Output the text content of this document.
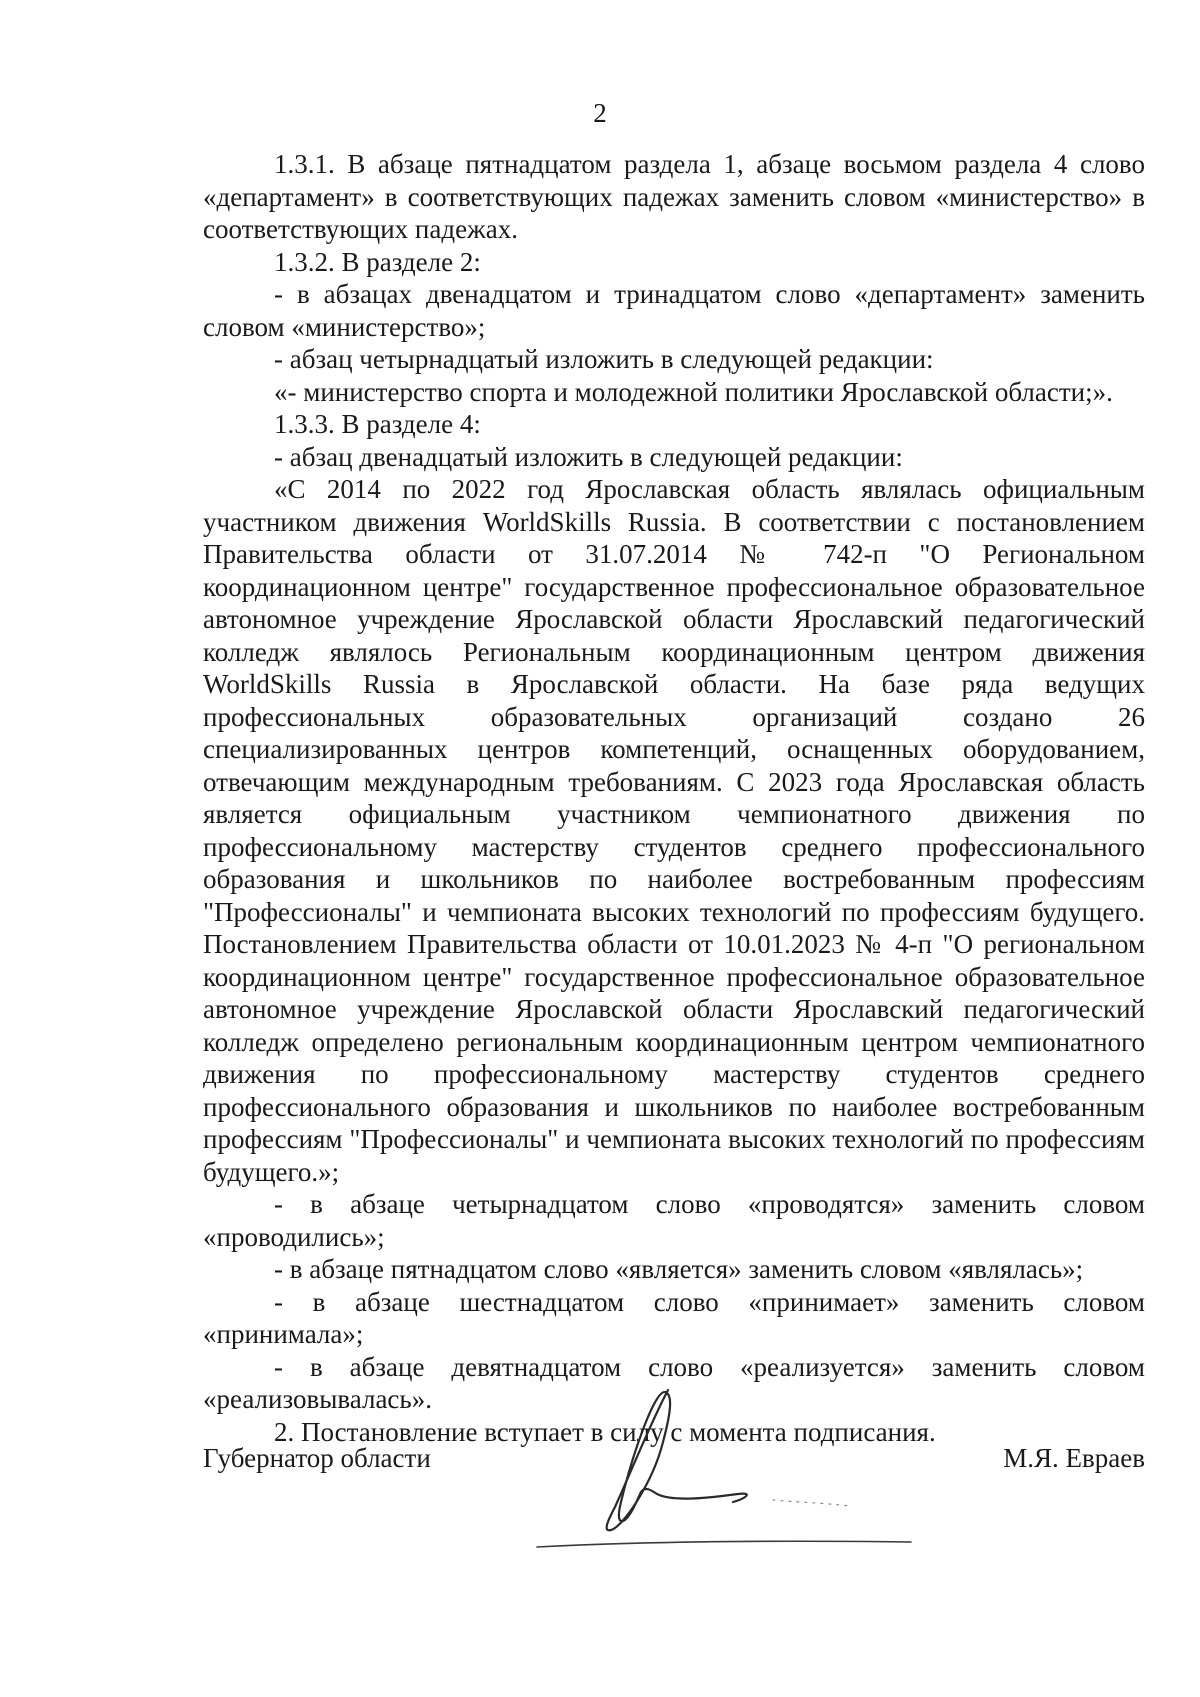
2

1.3.1. В абзаце пятнадцатом раздела 1, абзаце восьмом раздела 4 слово «департамент» в соответствующих падежах заменить словом «министерство» в соответствующих падежах.

1.3.2. В разделе 2:

- в абзацах двенадцатом и тринадцатом слово «департамент» заменить словом «министерство»;

- абзац четырнадцатый изложить в следующей редакции:

«- министерство спорта и молодежной политики Ярославской области;».

1.3.3. В разделе 4:

- абзац двенадцатый изложить в следующей редакции:

«С 2014 по 2022 год Ярославская область являлась официальным участником движения WorldSkills Russia. В соответствии с постановлением Правительства области от 31.07.2014 № 742-п "О Региональном координационном центре" государственное профессиональное образовательное автономное учреждение Ярославской области Ярославский педагогический колледж являлось Региональным координационным центром движения WorldSkills Russia в Ярославской области. На базе ряда ведущих профессиональных образовательных организаций создано 26 специализированных центров компетенций, оснащенных оборудованием, отвечающим международным требованиям. С 2023 года Ярославская область является официальным участником чемпионатного движения по профессиональному мастерству студентов среднего профессионального образования и школьников по наиболее востребованным профессиям "Профессионалы" и чемпионата высоких технологий по профессиям будущего. Постановлением Правительства области от 10.01.2023 № 4-п "О региональном координационном центре" государственное профессиональное образовательное автономное учреждение Ярославской области Ярославский педагогический колледж определено региональным координационным центром чемпионатного движения по профессиональному мастерству студентов среднего профессионального образования и школьников по наиболее востребованным профессиям "Профессионалы" и чемпионата высоких технологий по профессиям будущего.»;

- в абзаце четырнадцатом слово «проводятся» заменить словом «проводились»;

- в абзаце пятнадцатом слово «является» заменить словом «являлась»;

- в абзаце шестнадцатом слово «принимает» заменить словом «принимала»;

- в абзаце девятнадцатом слово «реализуется» заменить словом «реализовывалась».

2. Постановление вступает в силу с момента подписания.

Губернатор области	М.Я. Евраев
